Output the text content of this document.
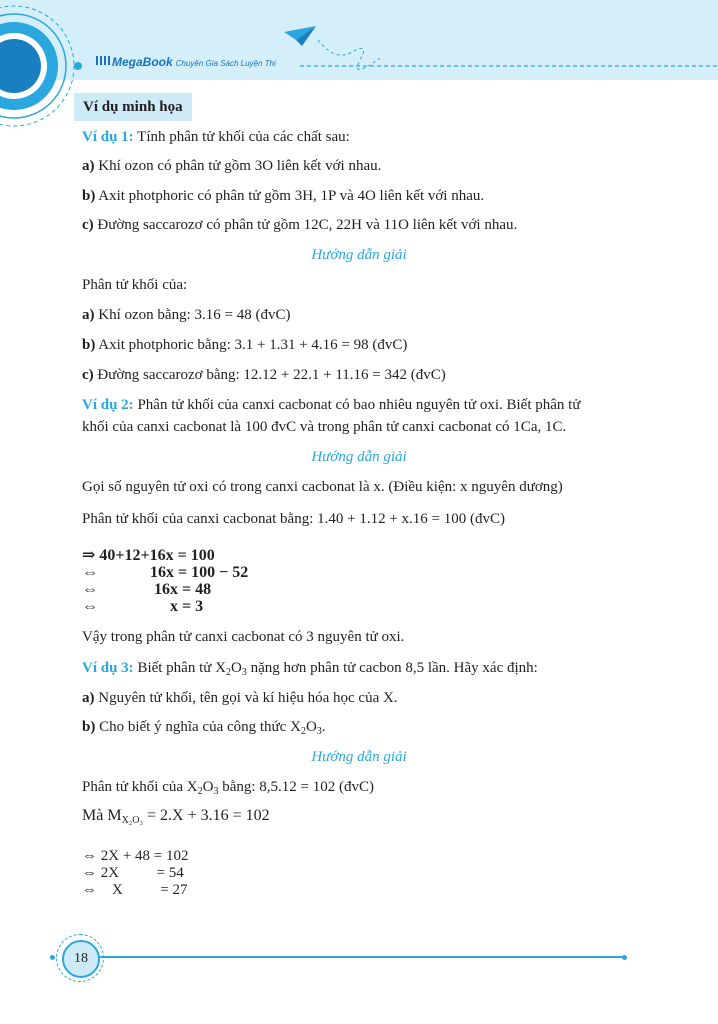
MegaBook Chuyên Gia Sách Luyện Thi
Ví dụ minh họa
Ví dụ 1: Tính phân tử khối của các chất sau:
a) Khí ozon có phân tử gồm 3O liên kết với nhau.
b) Axit photphoric có phân tử gồm 3H, 1P và 4O liên kết với nhau.
c) Đường saccarozơ có phân tử gồm 12C, 22H và 11O liên kết với nhau.
Hướng dẫn giải
Phân tử khối của:
a) Khí ozon bằng: 3.16 = 48 (đvC)
b) Axit photphoric bằng: 3.1 + 1.31 + 4.16 = 98 (đvC)
c) Đường saccarozơ bằng: 12.12 + 22.1 + 11.16 = 342 (đvC)
Ví dụ 2: Phân tử khối của canxi cacbonat có bao nhiêu nguyên tử oxi. Biết phân tử
khối của canxi cacbonat là 100 đvC và trong phân tử canxi cacbonat có 1Ca, 1C.
Hướng dẫn giải
Gọi số nguyên tử oxi có trong canxi cacbonat là x. (Điều kiện: x nguyên dương)
Phân tử khối của canxi cacbonat bằng: 1.40 + 1.12 + x.16 = 100 (đvC)
⇒ 40+12+16x = 100
⇔             16x = 100 − 52
⇔              16x = 48
⇔                  x = 3
Vậy trong phân tử canxi cacbonat có 3 nguyên tử oxi.
Ví dụ 3: Biết phân tử $X_2O_3$ nặng hơn phân tử cacbon 8,5 lần. Hãy xác định:
a) Nguyên tử khối, tên gọi và kí hiệu hóa học của X.
b) Cho biết ý nghĩa của công thức $X_2O_3$.
Hướng dẫn giải
Phân tử khối của $X_2O_3$ bằng: 8,5.12 = 102 (đvC)
Mà $M_{X_2O_3} = 2.X + 3.16 = 102$
⇔ 2X + 48 = 102
⇔ 2X          = 54
⇔    X          = 27
18
